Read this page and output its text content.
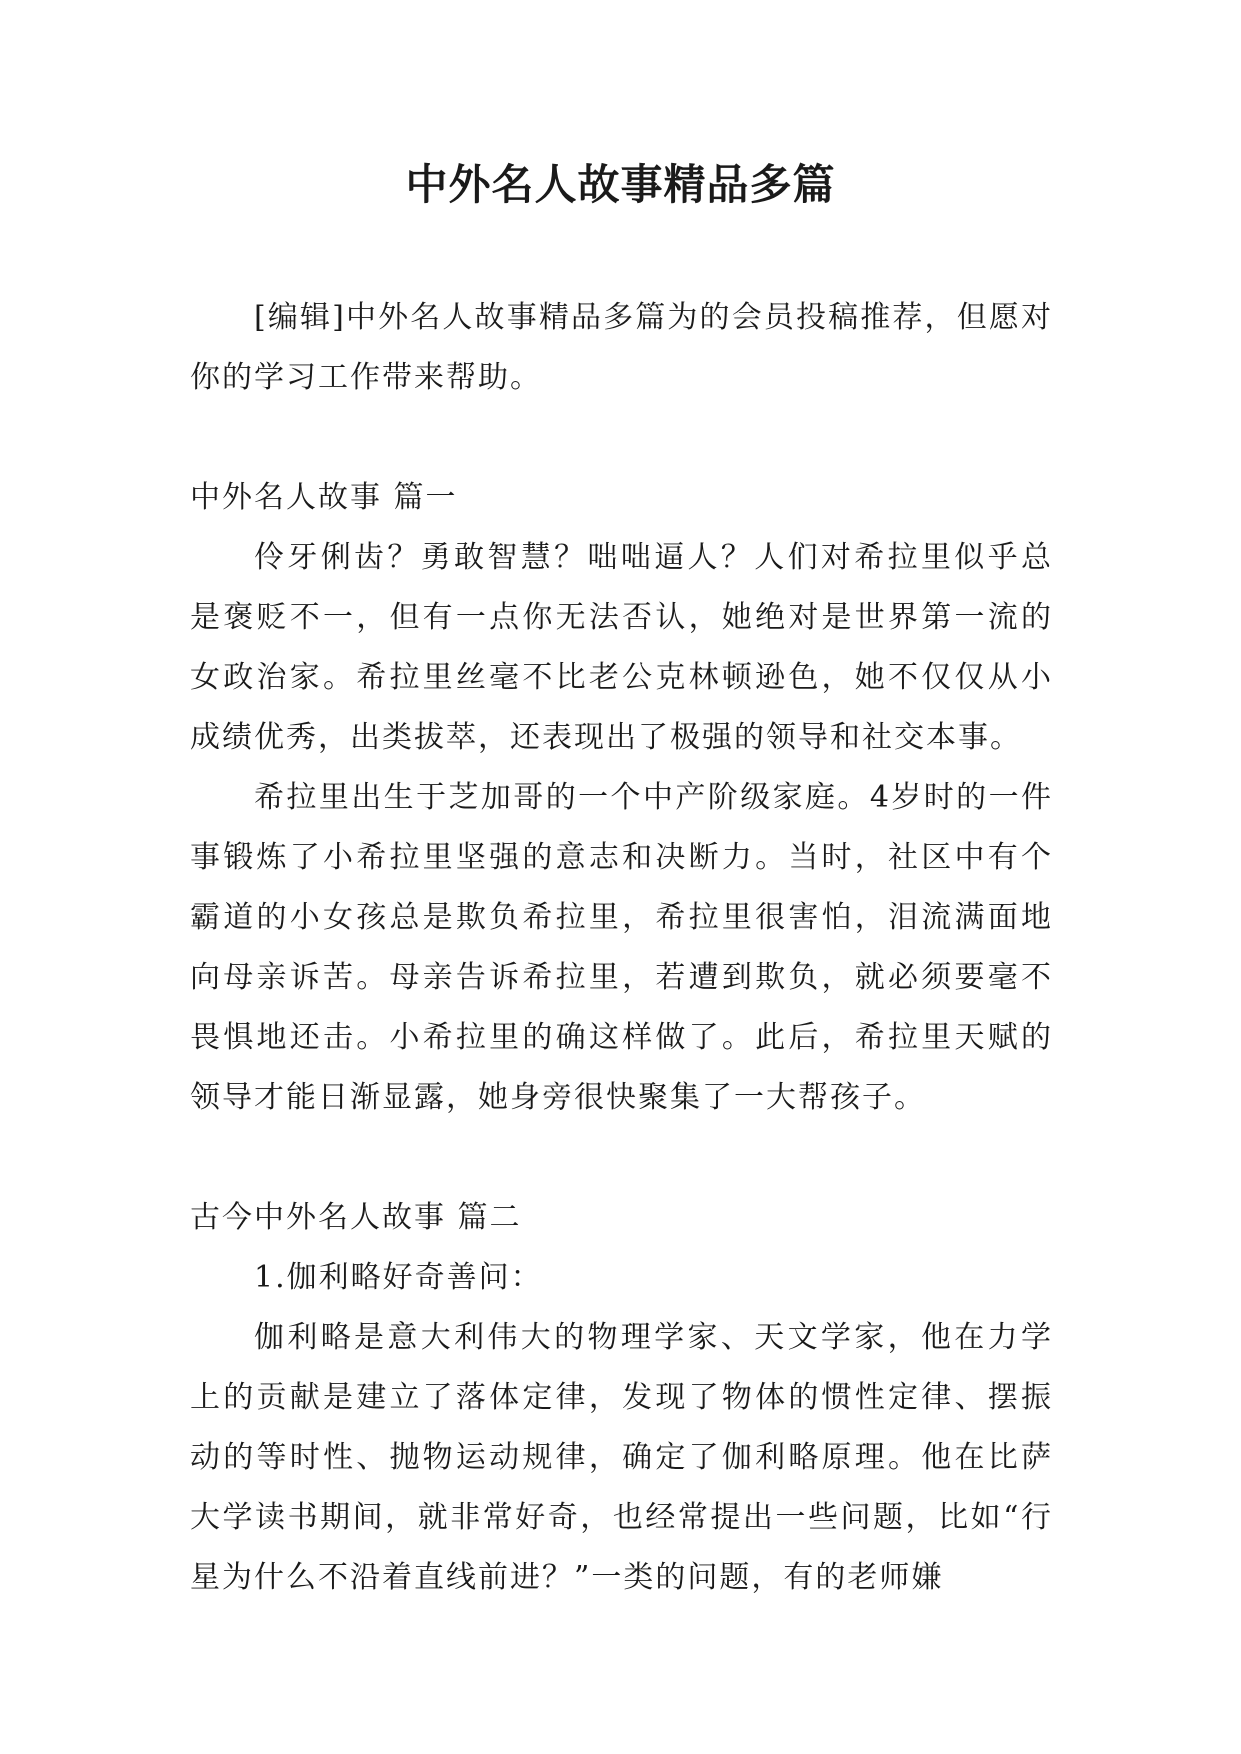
中外名人故事精品多篇

[编辑]中外名人故事精品多篇为的会员投稿推荐，但愿对你的学习工作带来帮助。

中外名人故事 篇一

伶牙俐齿？勇敢智慧？咄咄逼人？人们对希拉里似乎总是褒贬不一，但有一点你无法否认，她绝对是世界第一流的女政治家。希拉里丝毫不比老公克林顿逊色，她不仅仅从小成绩优秀，出类拔萃，还表现出了极强的领导和社交本事。

希拉里出生于芝加哥的一个中产阶级家庭。4岁时的一件事锻炼了小希拉里坚强的意志和决断力。当时，社区中有个霸道的小女孩总是欺负希拉里，希拉里很害怕，泪流满面地向母亲诉苦。母亲告诉希拉里，若遭到欺负，就必须要毫不畏惧地还击。小希拉里的确这样做了。此后，希拉里天赋的领导才能日渐显露，她身旁很快聚集了一大帮孩子。

古今中外名人故事 篇二

1.伽利略好奇善问：

伽利略是意大利伟大的物理学家、天文学家，他在力学上的贡献是建立了落体定律，发现了物体的惯性定律、摆振动的等时性、抛物运动规律，确定了伽利略原理。他在比萨大学读书期间，就非常好奇，也经常提出一些问题，比如“行星为什么不沿着直线前进？”一类的问题，有的老师嫌
